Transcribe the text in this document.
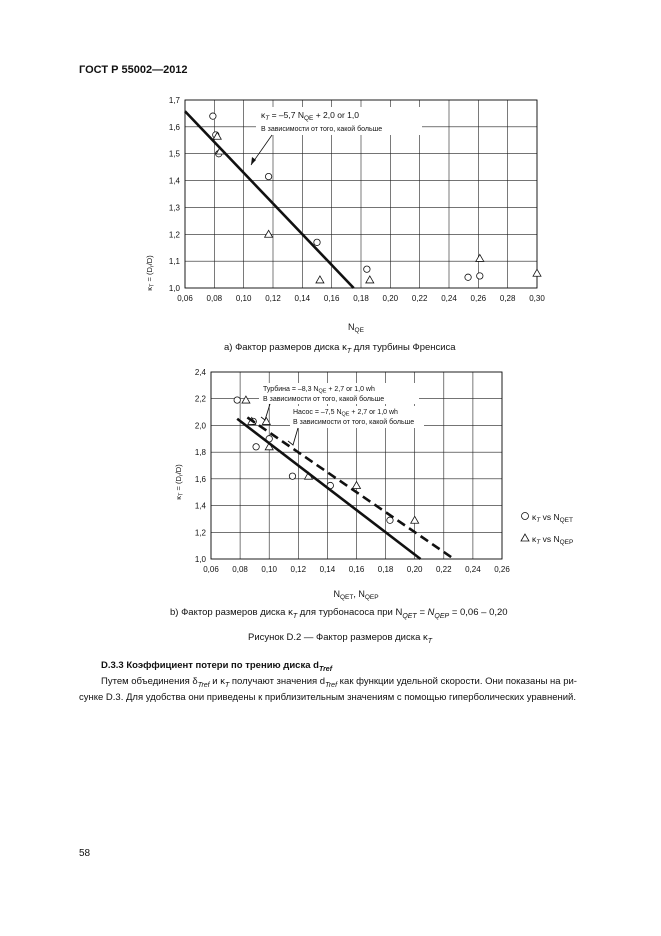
ГОСТ Р 55002—2012
0,06 0,08 0,10 0,12 0,14 0,16 0,18 0,20 0,22 0,24 0,26 0,28 0,30
1,0
1,1
1,2
1,3
1,4
1,5
1,6
1,7
$N_{QE}$
$\kappa_T = (D_r/D)$
$\kappa_T = -5,7$ $N_{QE} + 2,0$ or 1,0
В зависимости от того, какой больше
a) Фактор размеров диска $\kappa_T$ для турбины Френсиса
0,06 0,08 0,10 0,12 0,14 0,16 0,18 0,20 0,22 0,24 0,26
1,0
1,2
1,4
1,6
1,8
2,0
2,2
2,4
$N_{QET}$, $N_{QEP}$
$\kappa_T = (D_r/D)$
Турбина = –8,3 $N_{QE} + 2,7$ or 1,0 wh
В зависимости от того, какой больше
Насос = –7,5 $N_{QE} + 2,7$ or 1,0 wh
В зависимости от того, какой больше
$\kappa_T$ vs $N_{QET}$
$\kappa_T$ vs $N_{QEP}$
b) Фактор размеров диска $\kappa_T$ для турбонасоса при $N_{QET} = N_{QEP} = 0,06 - 0,20$
Рисунок D.2 — Фактор размеров диска $\kappa_T$
D.3.3 Коэффициент потери по трению диска $d_{Tref}$
Путем объединения $\delta_{Tref}$ и $\kappa_T$ получают значения $d_{Tref}$ как функции удельной скорости. Они показаны на ри-
сунке D.3. Для удобства они приведены к приблизительным значениям с помощью гиперболических уравнений.
58
